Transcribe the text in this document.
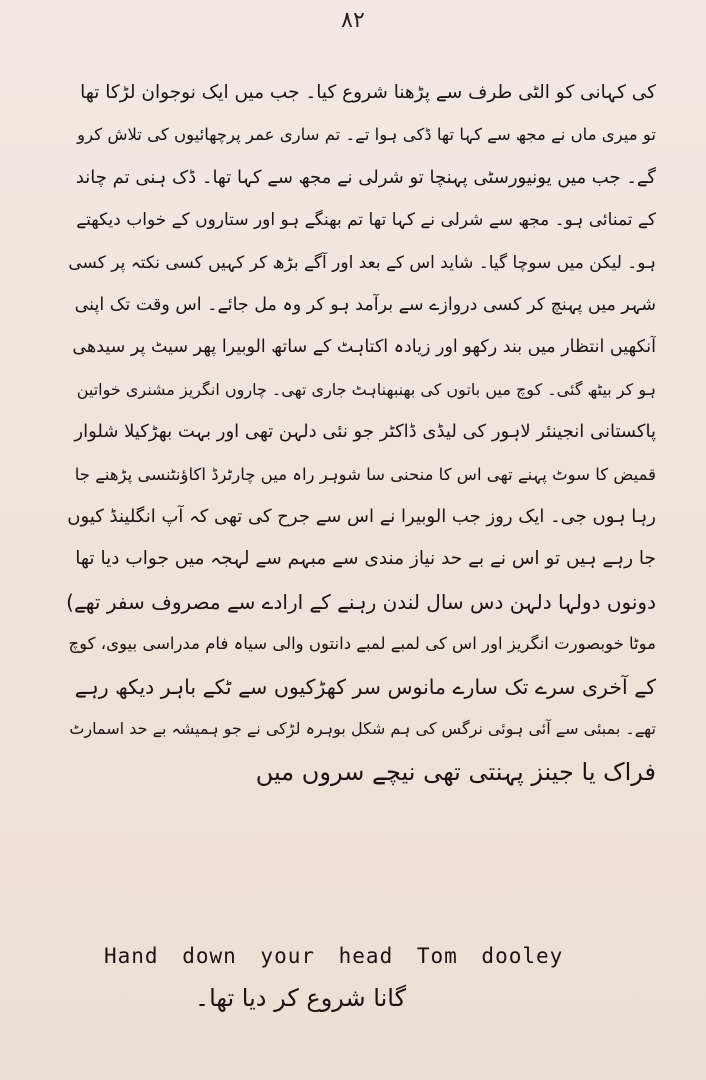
۸۲
کی کہانی کو الٹی طرف سے پڑھنا شروع کیا۔ جب میں ایک نوجوان لڑکا تھا
تو میری ماں نے مجھ سے کہا تھا ڈکی ہوا تے۔ تم ساری عمر پرچھائیوں کی تلاش کرو
گے۔ جب میں یونیورسٹی پہنچا تو شرلی نے مجھ سے کہا تھا۔ ڈک ہنی تم چاند
کے تمنائی ہو۔ مجھ سے شرلی نے کہا تھا تم بھنگے ہو اور ستاروں کے خواب دیکھتے
ہو۔ لیکن میں سوچا گیا۔ شاید اس کے بعد اور آگے بڑھ کر کہیں کسی نکتہ پر کسی
شہر میں پہنچ کر کسی دروازے سے برآمد ہو کر وہ مل جائے۔ اس وقت تک اپنی
آنکھیں انتظار میں بند رکھو اور زیادہ اکتاہٹ کے ساتھ الوبیرا پھر سیٹ پر سیدھی
ہو کر بیٹھ گئی۔ کوچ میں باتوں کی بھنبھناہٹ جاری تھی۔ چاروں انگریز مشنری خواتین
پاکستانی انجینئر لاہور کی لیڈی ڈاکٹر جو نئی دلہن تھی اور بہت بھڑکیلا شلوار
قمیض کا سوٹ پہنے تھی اس کا منحنی سا شوہر راہ میں چارٹرڈ اکاؤنٹنسی پڑھنے جا
رہا ہوں جی۔ ایک روز جب الوبیرا نے اس سے جرح کی تھی کہ آپ انگلینڈ کیوں
جا رہے ہیں تو اس نے بے حد نیاز مندی سے مبہم سے لہجہ میں جواب دیا تھا
دونوں دولہا دلہن دس سال لندن رہنے کے ارادے سے مصروف سفر تھے)
موٹا خوبصورت انگریز اور اس کی لمبے لمبے دانتوں والی سیاہ فام مدراسی بیوی، کوچ
کے آخری سرے تک سارے مانوس سر کھڑکیوں سے ٹکے باہر دیکھ رہے
تھے۔ بمبئی سے آئی ہوئی نرگس کی ہم شکل بوہرہ لڑکی نے جو ہمیشہ بے حد اسمارٹ
فراک یا جینز پہنتی تھی نیچے سروں میں
Hand down your head Tom dooley
گانا شروع کر دیا تھا۔
